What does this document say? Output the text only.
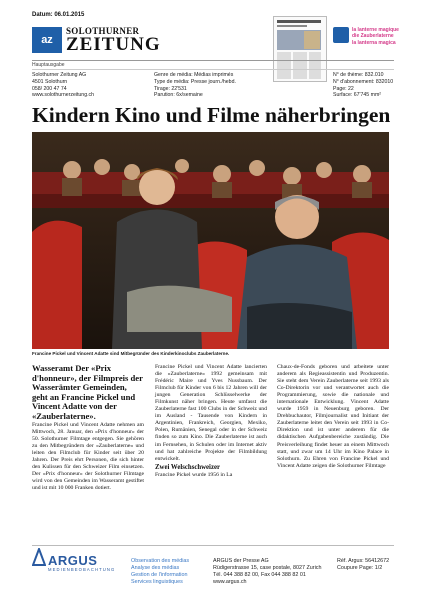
Datum: 06.01.2015
az
SOLOTHURNER
ZEITUNG
la lanterne magique
die Zauberlaterne
la lanterna magica
Hauptausgabe
Solothurner Zeitung AG
4501 Solothurn
058/ 200 47 74
www.solothurnerzeitung.ch
Genre de média: Médias imprimés
Type de média: Presse journ./hebd.
Tirage: 22'531
Parution: 6x/semaine
N° de thème: 832.010
N° d'abonnement: 832010
Page: 22
Surface: 67'745 mm²
Kindern Kino und Filme näherbringen
Francine Pickel und Vincent Adatte sind Mitbegründer des Kinderkinoclubs Zauberlaterne.

Wasseramt Der «Prix d'honneur», der Filmpreis der Wasserämter Gemeinden, geht an Francine Pickel und Vincent Adatte von der «Zauberlaterne».

Francine Pickel und Vincent Adatte nehmen am Mittwoch, 28. Januar, den «Prix d'honneur» der 50. Solothurner Filmtage entgegen. Sie gehören zu den Mitbegründern der «Zauberlaterne» und leiten den Filmclub für Kinder seit über 20 Jahren. Der Preis ehrt Personen, die sich hinter den Kulissen für den Schweizer Film einsetzen. Der «Prix d'honneur» der Solothurner Filmtage wird von den Gemeinden im Wasseramt gestiftet und ist mit 10 000 Franken dotiert.

Francine Pickel und Vincent Adatte lancierten die «Zauberlaterne» 1992 gemeinsam mit Frédéric Maire und Yves Nussbaum. Der Filmclub für Kinder von 6 bis 12 Jahren will der jungen Generation Schlüsselwerke der Filmkunst näher bringen. Heute umfasst die Zauberlaterne fast 100 Clubs in der Schweiz und im Ausland - Tausende von Kindern in Argentinien, Frankreich, Georgien, Mexiko, Polen, Rumänien, Senegal oder in der Schweiz finden so zum Kino. Die Zauberlaterne ist auch im Fernsehen, in Schulen oder im Internet aktiv und hat zahlreiche Projekte der Filmbildung entwickelt.

Zwei Welschschweizer

Francine Pickel wurde 1956 in La

Chaux-de-Fonds geboren und arbeitete unter anderem als Regieassistentin und Produzentin. Sie steht dem Verein Zauberlaterne seit 1993 als Co-Direktorin vor und verantwortet auch die Programmierung, sowie die nationale und internationale Entwicklung. Vincent Adatte wurde 1959 in Neuenburg geboren. Der Drehbuchautor, Filmjournalist und Initiant der Zauberlaterne leitet den Verein seit 1993 in Co-Direktion und ist unter anderem für die didaktischen Aufgabenbereiche zuständig. Die Preisverleihung findet heuer an einem Mittwoch statt, und zwar um 14 Uhr im Kino Palace in Solothurn. Zu Ehren von Francine Pickel und Vincent Adatte zeigen die Solothurner Filmtage

ARGUS
MEDIENBEOBACHTUNG
Observation des médias
Analyse des médias
Gestion de l'information
Services linguistiques
ARGUS der Presse AG
Rüdigerstrasse 15, case postale, 8027 Zurich
Tél. 044 388 82 00, Fax 044 388 82 01
www.argus.ch
Réf. Argus: 56412672
Coupure Page: 1/2
